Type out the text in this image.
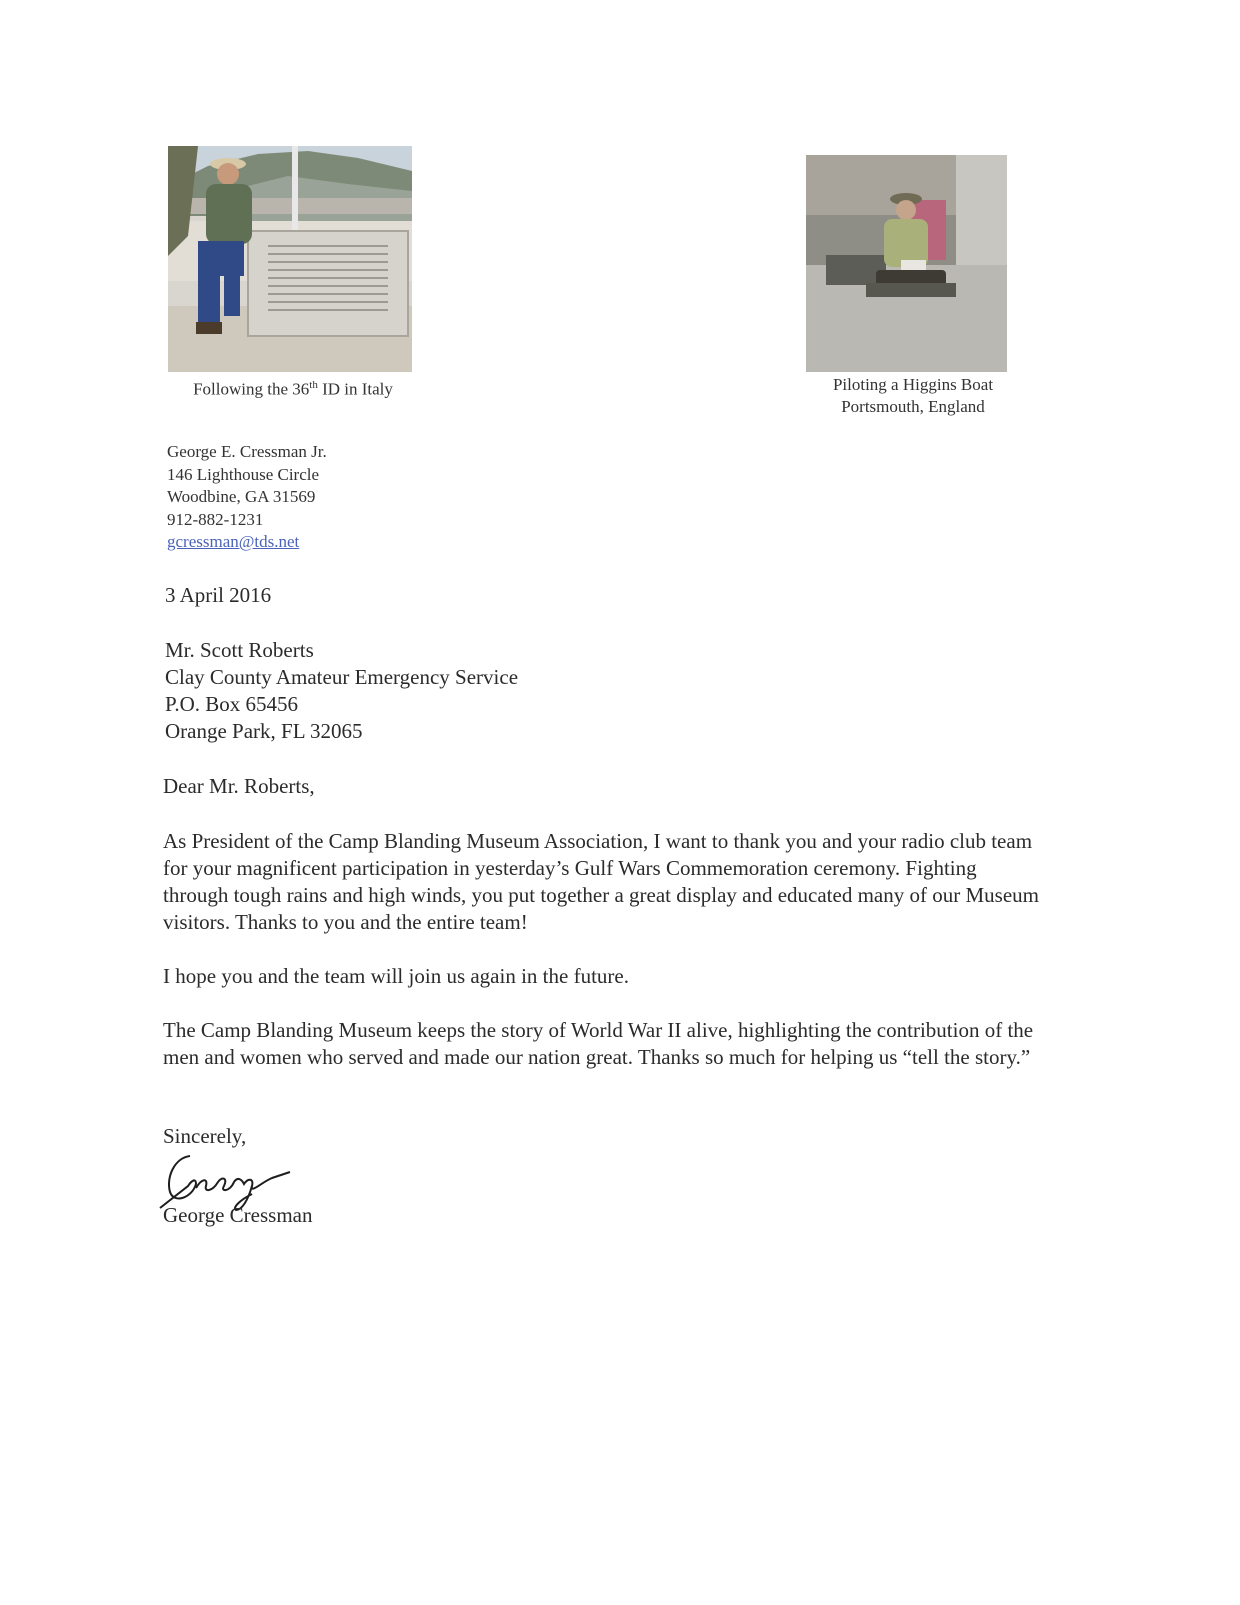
Following the 36th ID in Italy	Piloting a Higgins Boat
Portsmouth, England
George E. Cressman Jr.
146 Lighthouse Circle
Woodbine, GA 31569
912-882-1231
gcressman@tds.net
3 April 2016
Mr. Scott Roberts
Clay County Amateur Emergency Service
P.O. Box 65456
Orange Park, FL 32065
Dear Mr. Roberts,

As President of the Camp Blanding Museum Association, I want to thank you and your radio club team for your magnificent participation in yesterday’s Gulf Wars Commemoration ceremony. Fighting through tough rains and high winds, you put together a great display and educated many of our Museum visitors. Thanks to you and the entire team!

I hope you and the team will join us again in the future.

The Camp Blanding Museum keeps the story of World War II alive, highlighting the contribution of the men and women who served and made our nation great. Thanks so much for helping us “tell the story.”

Sincerely,
George Cressman
